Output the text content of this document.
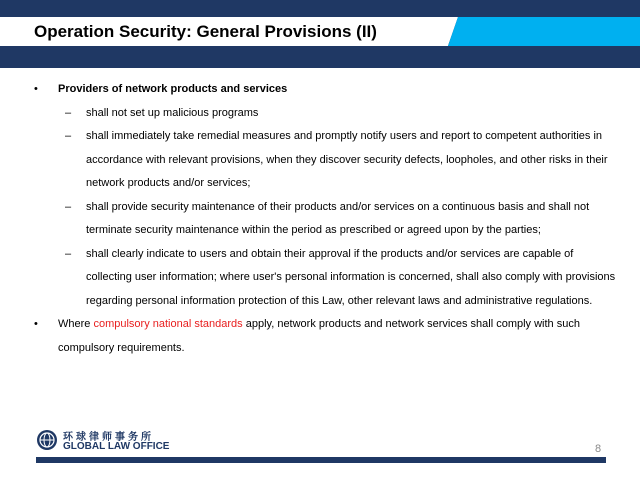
Operation Security: General Provisions (II)
• Providers of network products and services
– shall not set up malicious programs
– shall immediately take remedial measures and promptly notify users and report to competent authorities in accordance with relevant provisions, when they discover security defects, loopholes, and other risks in their network products and/or services;
– shall provide security maintenance of their products and/or services on a continuous basis and shall not terminate security maintenance within the period as prescribed or agreed upon by the parties;
– shall clearly indicate to users and obtain their approval if the products and/or services are capable of collecting user information; where user's personal information is concerned, shall also comply with provisions regarding personal information protection of this Law, other relevant laws and administrative regulations.
• Where compulsory national standards apply, network products and network services shall comply with such compulsory requirements.
环球律师事务所
GLOBAL LAW OFFICE	8
